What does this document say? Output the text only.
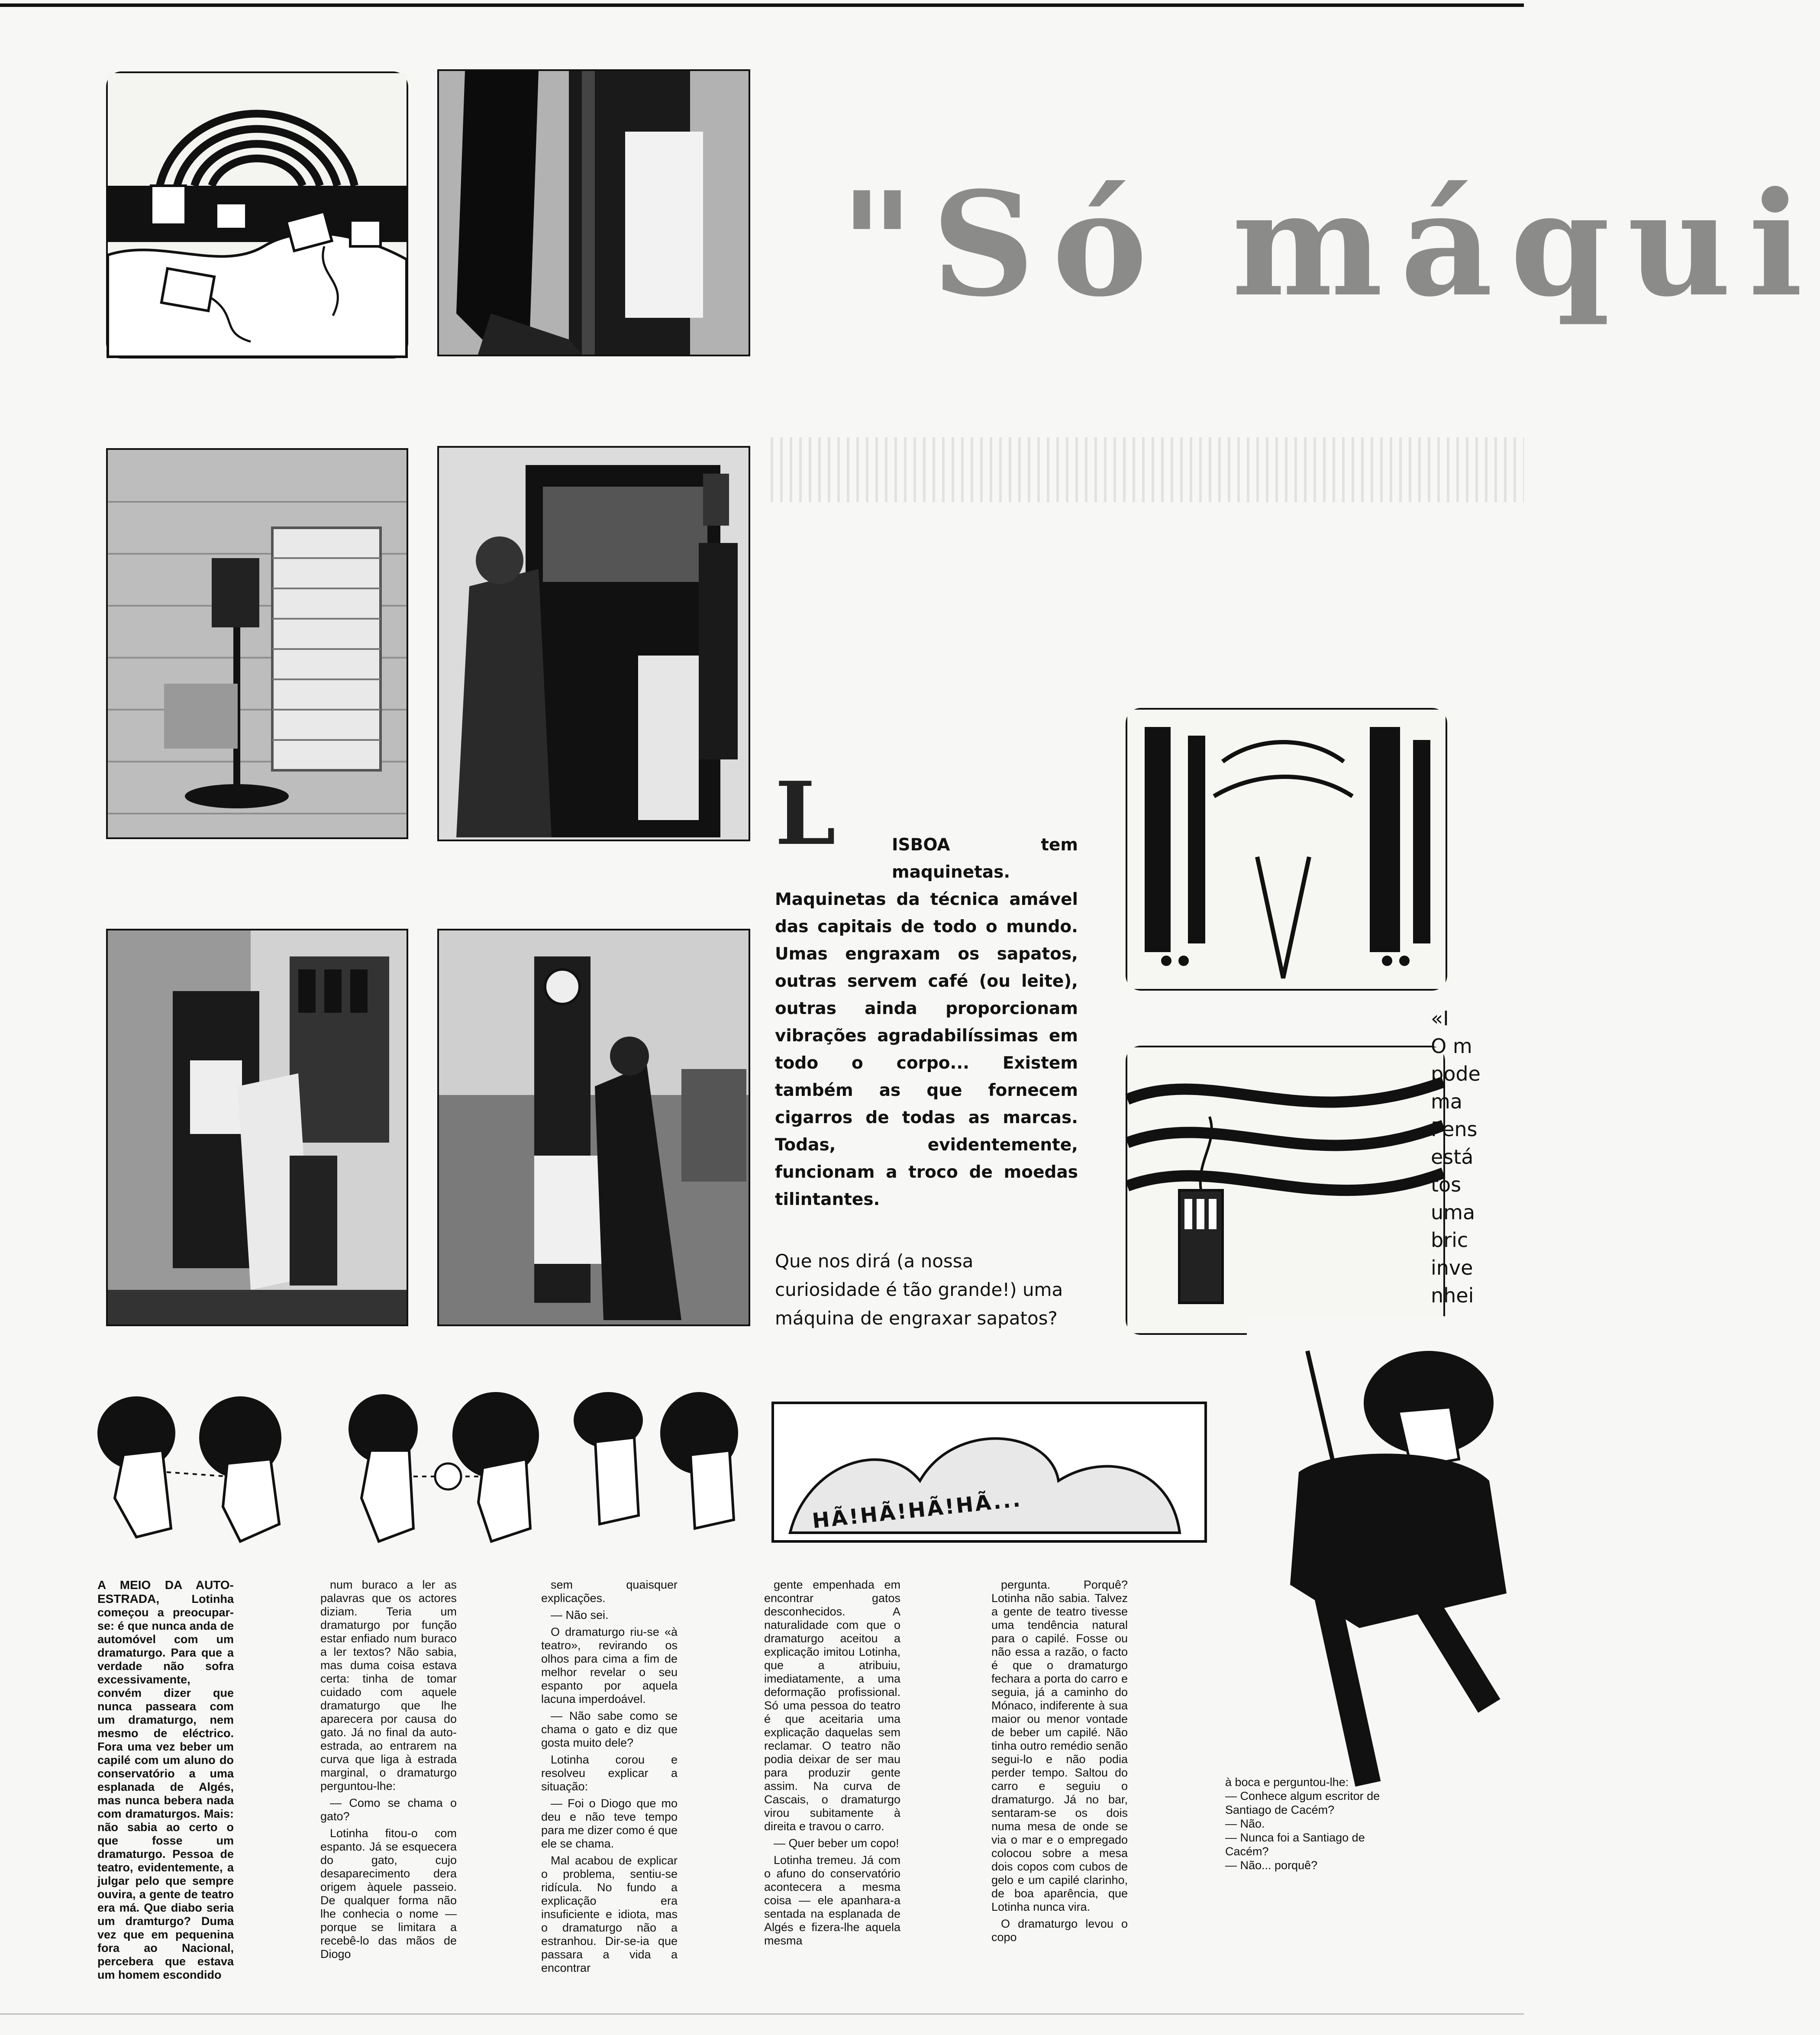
"Só máqui
L	ISBOA tem maquinetas.
Maquinetas da técnica amável das capitais de todo o mundo. Umas engraxam os sapatos, outras servem café (ou leite), outras ainda proporcionam vibrações agradabilíssimas em todo o corpo... Existem também as que fornecem cigarros de todas as marcas. Todas, evidentemente, funcionam a troco de moedas tilintantes.
Que nos dirá (a nossa curiosidade é tão grande!) uma máquina de engraxar sapatos?
«I
O m
pode
ma
Pens
está
tos
uma
bric
inve
nhei
HÃ!HÃ!HÃ!HÃ...

A MEIO DA AUTO-ESTRADA,	Lotinha começou a preocupar-se: é que nunca anda de automóvel com um dramaturgo. Para que a verdade não sofra excessivamente, convém dizer que nunca passeara com um dramaturgo, nem mesmo de eléctrico. Fora uma vez beber um capilé com um aluno do conservatório a uma esplanada de Algés, mas nunca bebera nada com dramaturgos. Mais: não sabia ao certo o que fosse um dramaturgo. Pessoa de teatro, evidentemente, a julgar pelo que sempre ouvira, a gente de teatro era má. Que diabo seria um dramturgo? Duma vez que em pequenina fora ao Nacional, percebera que estava um homem escondido

num buraco a ler as palavras que os actores diziam. Teria um dramaturgo por função estar enfiado num buraco a ler textos? Não sabia, mas duma coisa estava certa: tinha de tomar cuidado com aquele dramaturgo que lhe aparecera por causa do gato. Já no final da auto-estrada, ao entrarem na curva que liga à estrada marginal, o dramaturgo perguntou-lhe:

— Como se chama o gato?

Lotinha fitou-o com espanto. Já se esquecera do gato, cujo desaparecimento dera origem àquele passeio. De qualquer forma não lhe conhecia o nome — porque se limitara a recebê-lo das mãos de Diogo

sem quaisquer explicações.

— Não sei.

O dramaturgo riu-se «à teatro», revirando os olhos para cima a fim de melhor revelar o seu espanto por aquela lacuna imperdoável.

— Não sabe como se chama o gato e diz que gosta muito dele?

Lotinha corou e resolveu explicar a situação:

— Foi o Diogo que mo deu e não teve tempo para me dizer como é que ele se chama.

Mal acabou de explicar o problema, sentiu-se ridícula. No fundo a explicação era insuficiente e idiota, mas o dramaturgo não a estranhou. Dir-se-ia que passara a vida a encontrar

gente empenhada em encontrar gatos desconhecidos. A naturalidade com que o dramaturgo aceitou a explicação imitou Lotinha, que a atribuiu, imediatamente, a uma deformação profissional. Só uma pessoa do teatro é que aceitaria uma explicação daquelas sem reclamar. O teatro não podia deixar de ser mau para produzir gente assim. Na curva de Cascais, o dramaturgo virou subitamente à direita e travou o carro.

— Quer beber um copo!

Lotinha tremeu. Já com o afuno do conservatório acontecera a mesma coisa — ele apanhara-a sentada na esplanada de Algés e fizera-lhe aquela mesma

pergunta. Porquê? Lotinha não sabia. Talvez a gente de teatro tivesse uma tendência natural para o capilé. Fosse ou não essa a razão, o facto é que o dramaturgo fechara a porta do carro e seguia, já a caminho do Mónaco, indiferente à sua maior ou menor vontade de beber um capilé. Não tinha outro remédio senão segui-lo e não podia perder tempo. Saltou do carro e seguiu o dramaturgo. Já no bar, sentaram-se os dois numa mesa de onde se via o mar e o empregado colocou sobre a mesa dois copos com cubos de gelo e um capilé clarinho, de boa aparência, que Lotinha nunca vira.

O dramaturgo levou o copo

à boca e perguntou-lhe:

— Conhece algum escritor de Santiago de Cacém?

— Não.

— Nunca foi a Santiago de Cacém?

— Não... porquê?
